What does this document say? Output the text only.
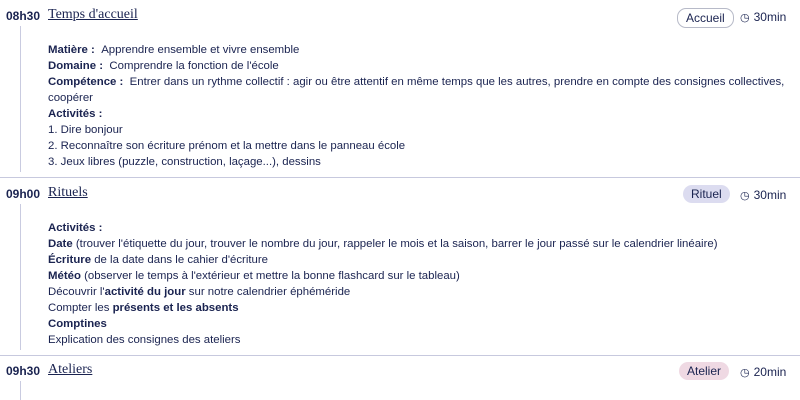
08h30 Temps d'accueil	Accueil	◷ 30min
Matière : Apprendre ensemble et vivre ensemble
Domaine : Comprendre la fonction de l'école
Compétence : Entrer dans un rythme collectif : agir ou être attentif en même temps que les autres, prendre en compte des consignes collectives,
coopérer
Activités :
1. Dire bonjour
2. Reconnaître son écriture prénom et la mettre dans le panneau école
3. Jeux libres (puzzle, construction, laçage...), dessins
09h00 Rituels	Rituel	◷ 30min
Activités :
Date (trouver l'étiquette du jour, trouver le nombre du jour, rappeler le mois et la saison, barrer le jour passé sur le calendrier linéaire)
Écriture de la date dans le cahier d'écriture
Météo (observer le temps à l'extérieur et mettre la bonne flashcard sur le tableau)
Découvrir l'activité du jour sur notre calendrier éphéméride
Compter les présents et les absents
Comptines
Explication des consignes des ateliers
09h30 Ateliers	Atelier	◷ 20min
